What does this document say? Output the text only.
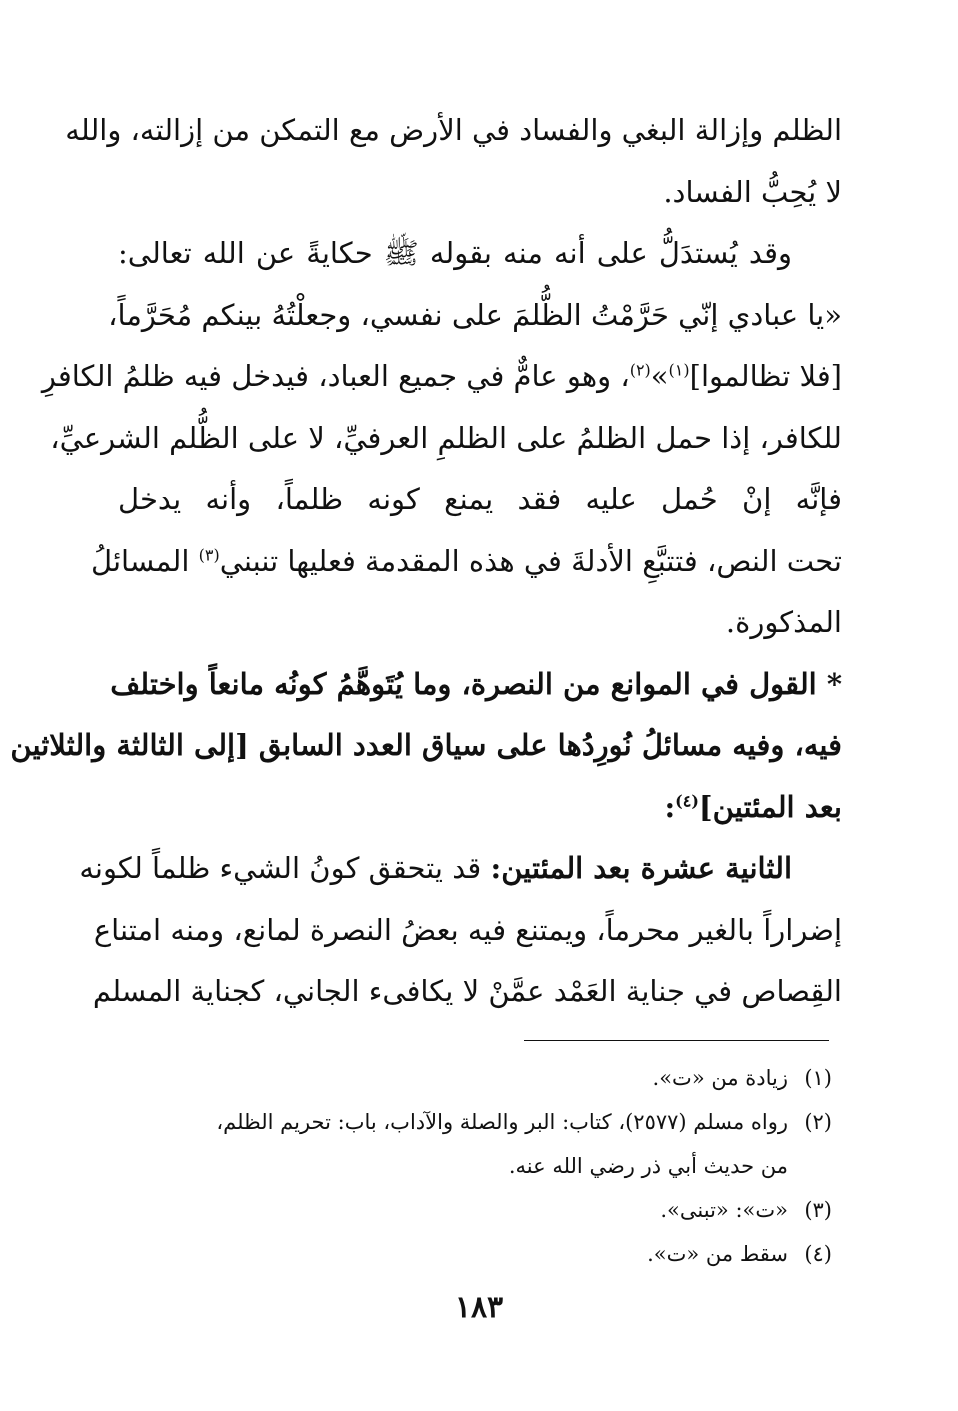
الظلم وإزالة البغي والفساد في الأرض مع التمكن من إزالته، والله
لا يُحِبُّ الفساد.

وقد يُستدَلُّ على أنه منه بقوله ﷺ حكايةً عن الله تعالى:
«يا عبادي إنّي حَرَّمْتُ الظُّلمَ على نفسي، وجعلْتُهُ بينكم مُحَرَّماً،
[فلا تظالموا]$^{(١)}$»$^{(٢)}$، وهو عامٌّ في جميع العباد، فيدخل فيه ظلمُ الكافرِ
للكافر، إذا حمل الظلمُ على الظلمِ العرفيِّ، لا على الظُّلم الشرعيِّ،
فإنَّه إنْ حُمل عليه فقد يمنع كونه ظلماً، وأنه يدخل
تحت النص، فتتبَّعِ الأدلةَ في هذه المقدمة فعليها تنبني$^{(٣)}$ المسائلُ
المذكورة.

* القول في الموانع من النصرة، وما يُتَوهَّمُ كونُه مانعاً واختلف
فيه، وفيه مسائلُ نُورِدُها على سياق العدد السابق [إلى الثالثة والثلاثين
بعد المئتين]$^{(٤)}$:

الثانية عشرة بعد المئتين: قد يتحقق كونُ الشيء ظلماً لكونه
إضراراً بالغير محرماً، ويمتنع فيه بعضُ النصرة لمانع، ومنه امتناع
القِصاص في جناية العَمْد عمَّنْ لا يكافىء الجاني، كجناية المسلم

(١)زيادة من «ت».
(٢)رواه مسلم (٢٥٧٧)، كتاب: البر والصلة والآداب، باب: تحريم الظلم،
من حديث أبي ذر رضي الله عنه.
(٣)«ت»: «تبنى».
(٤)سقط من «ت».
١٨٣
